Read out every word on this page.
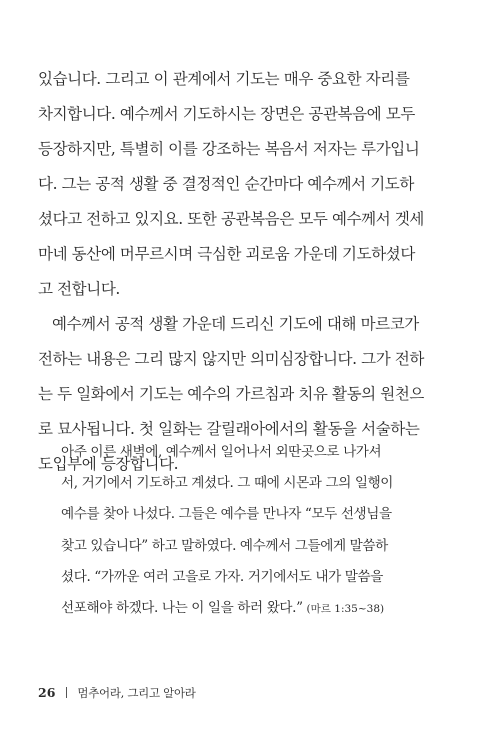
있습니다. 그리고 이 관계에서 기도는 매우 중요한 자리를
차지합니다. 예수께서 기도하시는 장면은 공관복음에 모두
등장하지만, 특별히 이를 강조하는 복음서 저자는 루가입니
다. 그는 공적 생활 중 결정적인 순간마다 예수께서 기도하
셨다고 전하고 있지요. 또한 공관복음은 모두 예수께서 겟세
마네 동산에 머무르시며 극심한 괴로움 가운데 기도하셨다
고 전합니다.
예수께서 공적 생활 가운데 드리신 기도에 대해 마르코가
전하는 내용은 그리 많지 않지만 의미심장합니다. 그가 전하
는 두 일화에서 기도는 예수의 가르침과 치유 활동의 원천으
로 묘사됩니다. 첫 일화는 갈릴래아에서의 활동을 서술하는
도입부에 등장합니다.
아주 이른 새벽에, 예수께서 일어나서 외딴곳으로 나가셔
서, 거기에서 기도하고 계셨다. 그 때에 시몬과 그의 일행이
예수를 찾아 나섰다. 그들은 예수를 만나자 “모두 선생님을
찾고 있습니다” 하고 말하였다. 예수께서 그들에게 말씀하
셨다. “가까운 여러 고을로 가자. 거기에서도 내가 말씀을
선포해야 하겠다. 나는 이 일을 하러 왔다.” (마르 1:35~38)
26 멈추어라, 그리고 알아라
